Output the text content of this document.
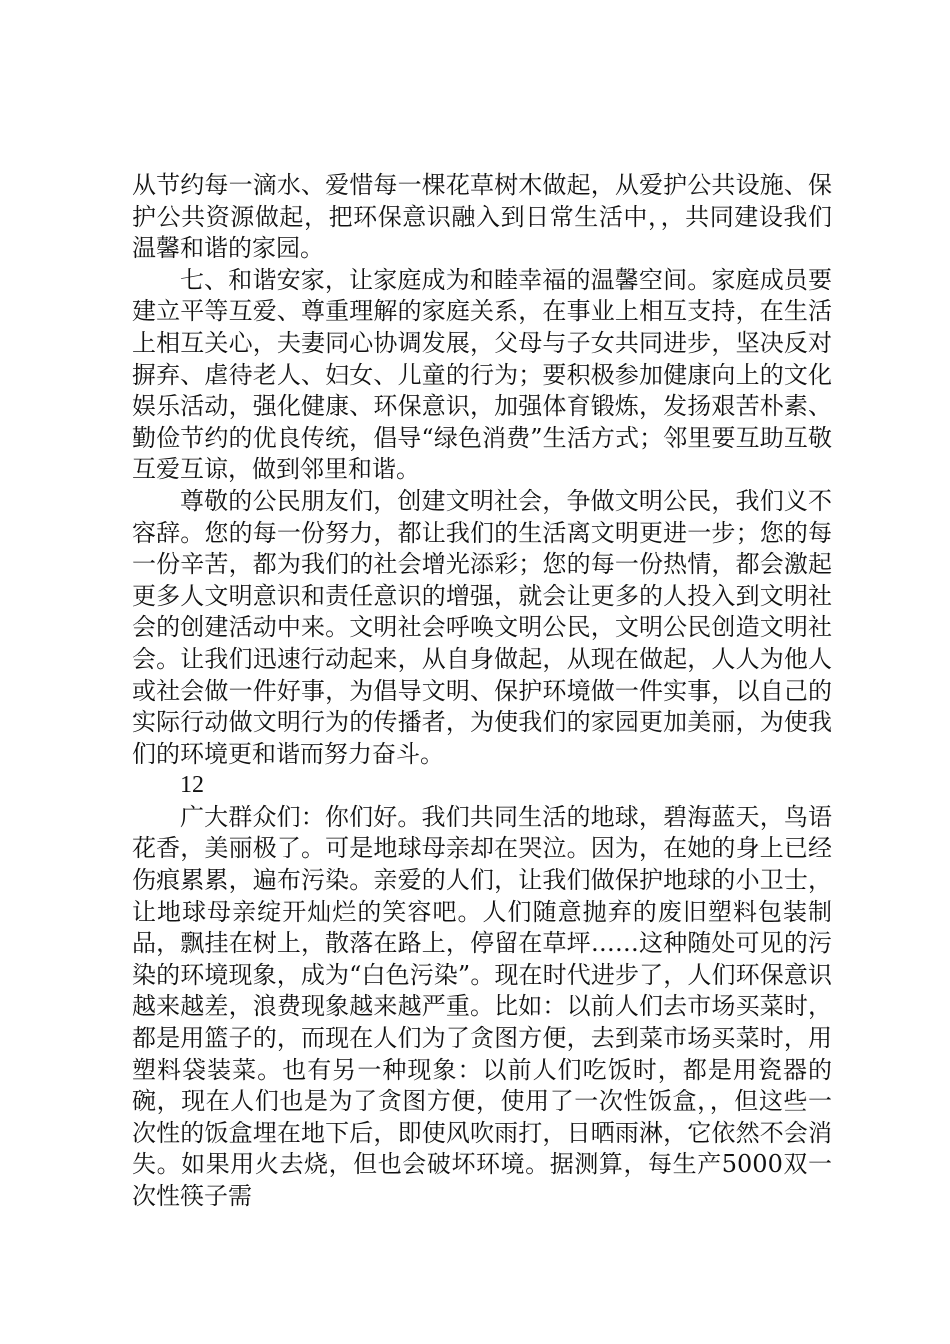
从节约每一滴水、爱惜每一棵花草树木做起，从爱护公共设施、保护公共资源做起，把环保意识融入到日常生活中，，共同建设我们温馨和谐的家园。

七、和谐安家，让家庭成为和睦幸福的温馨空间。家庭成员要建立平等互爱、尊重理解的家庭关系，在事业上相互支持，在生活上相互关心，夫妻同心协调发展，父母与子女共同进步，坚决反对摒弃、虐待老人、妇女、儿童的行为；要积极参加健康向上的文化娱乐活动，强化健康、环保意识，加强体育锻炼，发扬艰苦朴素、勤俭节约的优良传统，倡导“绿色消费”生活方式；邻里要互助互敬互爱互谅，做到邻里和谐。

尊敬的公民朋友们，创建文明社会，争做文明公民，我们义不容辞。您的每一份努力，都让我们的生活离文明更进一步；您的每一份辛苦，都为我们的社会增光添彩；您的每一份热情，都会激起更多人文明意识和责任意识的增强，就会让更多的人投入到文明社会的创建活动中来。文明社会呼唤文明公民，文明公民创造文明社会。让我们迅速行动起来，从自身做起，从现在做起，人人为他人或社会做一件好事，为倡导文明、保护环境做一件实事，以自己的实际行动做文明行为的传播者，为使我们的家园更加美丽，为使我们的环境更和谐而努力奋斗。

12

广大群众们：你们好。我们共同生活的地球，碧海蓝天，鸟语花香，美丽极了。可是地球母亲却在哭泣。因为，在她的身上已经伤痕累累，遍布污染。亲爱的人们，让我们做保护地球的小卫士，让地球母亲绽开灿烂的笑容吧。人们随意抛弃的废旧塑料包装制品，飘挂在树上，散落在路上，停留在草坪……这种随处可见的污染的环境现象，成为“白色污染”。现在时代进步了，人们环保意识越来越差，浪费现象越来越严重。比如：以前人们去市场买菜时，都是用篮子的，而现在人们为了贪图方便，去到菜市场买菜时，用塑料袋装菜。也有另一种现象：以前人们吃饭时，都是用瓷器的碗，现在人们也是为了贪图方便，使用了一次性饭盒，，但这些一次性的饭盒埋在地下后，即使风吹雨打，日晒雨淋，它依然不会消失。如果用火去烧，但也会破坏环境。据测算，每生产5000双一次性筷子需
